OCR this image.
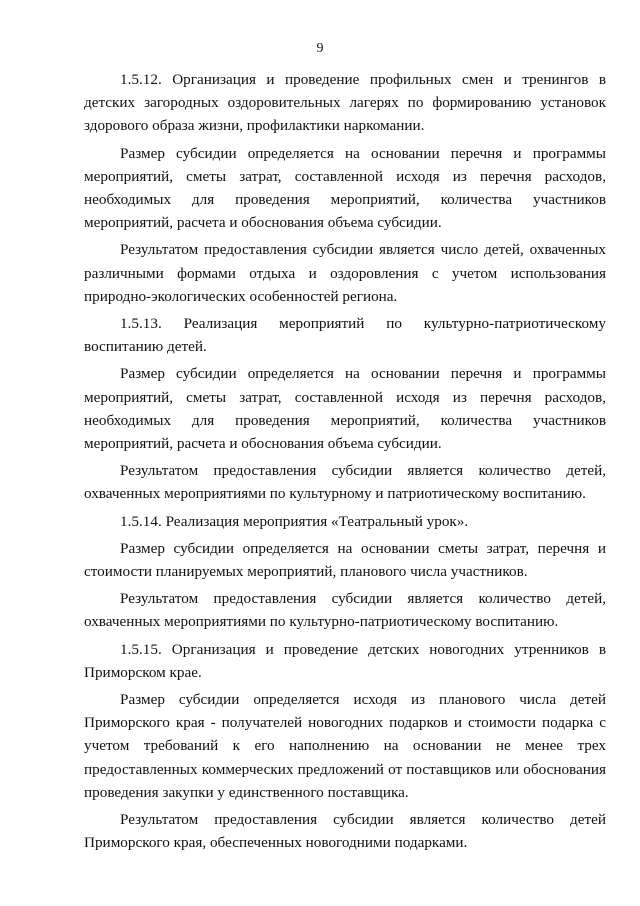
9

1.5.12. Организация и проведение профильных смен и тренингов в детских загородных оздоровительных лагерях по формированию установок здорового образа жизни, профилактики наркомании.

Размер субсидии определяется на основании перечня и программы мероприятий, сметы затрат, составленной исходя из перечня расходов, необходимых для проведения мероприятий, количества участников мероприятий, расчета и обоснования объема субсидии.

Результатом предоставления субсидии является число детей, охваченных различными формами отдыха и оздоровления с учетом использования природно-экологических особенностей региона.

1.5.13. Реализация мероприятий по культурно-патриотическому воспитанию детей.

Размер субсидии определяется на основании перечня и программы мероприятий, сметы затрат, составленной исходя из перечня расходов, необходимых для проведения мероприятий, количества участников мероприятий, расчета и обоснования объема субсидии.

Результатом предоставления субсидии является количество детей, охваченных мероприятиями по культурному и патриотическому воспитанию.

1.5.14. Реализация мероприятия «Театральный урок».

Размер субсидии определяется на основании сметы затрат, перечня и стоимости планируемых мероприятий, планового числа участников.

Результатом предоставления субсидии является количество детей, охваченных мероприятиями по культурно-патриотическому воспитанию.

1.5.15. Организация и проведение детских новогодних утренников в Приморском крае.

Размер субсидии определяется исходя из планового числа детей Приморского края - получателей новогодних подарков и стоимости подарка с учетом требований к его наполнению на основании не менее трех предоставленных коммерческих предложений от поставщиков или обоснования проведения закупки у единственного поставщика.

Результатом предоставления субсидии является количество детей Приморского края, обеспеченных новогодними подарками.
